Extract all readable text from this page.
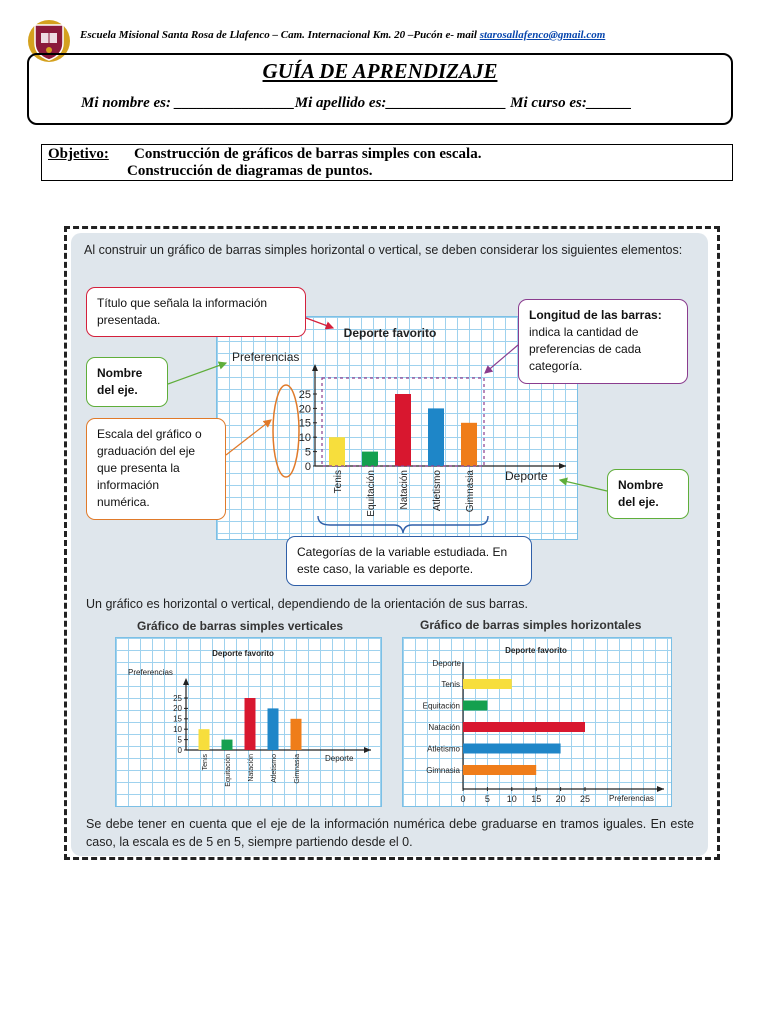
Escuela Misional Santa Rosa de Llafenco – Cam. Internacional Km. 20 –Pucón e- mail starosallafenco@gmail.com
GUÍA DE APRENDIZAJE
Mi nombre es: ________________Mi apellido es:________________ Mi curso es:______
Objetivo: Construcción de gráficos de barras simples con escala.
Construcción de diagramas de puntos.
Al construir un gráfico de barras simples horizontal o vertical, se deben considerar los siguientes elementos:
Deporte favorito
Preferencias
Deporte
0
5
10
15
20
25
Tenis Equitación Natación Atletismo Gimnasia
Título que señala la información presentada.
Nombre del eje.
Escala del gráfico o graduación del eje que presenta la información numérica.
Longitud de las barras: indica la cantidad de preferencias de cada categoría.
Nombre del eje.
Categorías de la variable estudiada. En este caso, la variable es deporte.
Un gráfico es horizontal o vertical, dependiendo de la orientación de sus barras.
Gráfico de barras simples verticales	Gráfico de barras simples horizontales
Deporte favorito
Preferencias
Deporte
0
5
10
15
20
25
Tenis Equitación Natación Atletismo Gimnasia
Deporte favorito
Deporte
Preferencias
0 5 10 15 20 25
Tenis
Equitación
Natación
Atletismo
Gimnasia
Se debe tener en cuenta que el eje de la información numérica debe graduarse en tramos iguales. En este caso, la escala es de 5 en 5, siempre partiendo desde el 0.
